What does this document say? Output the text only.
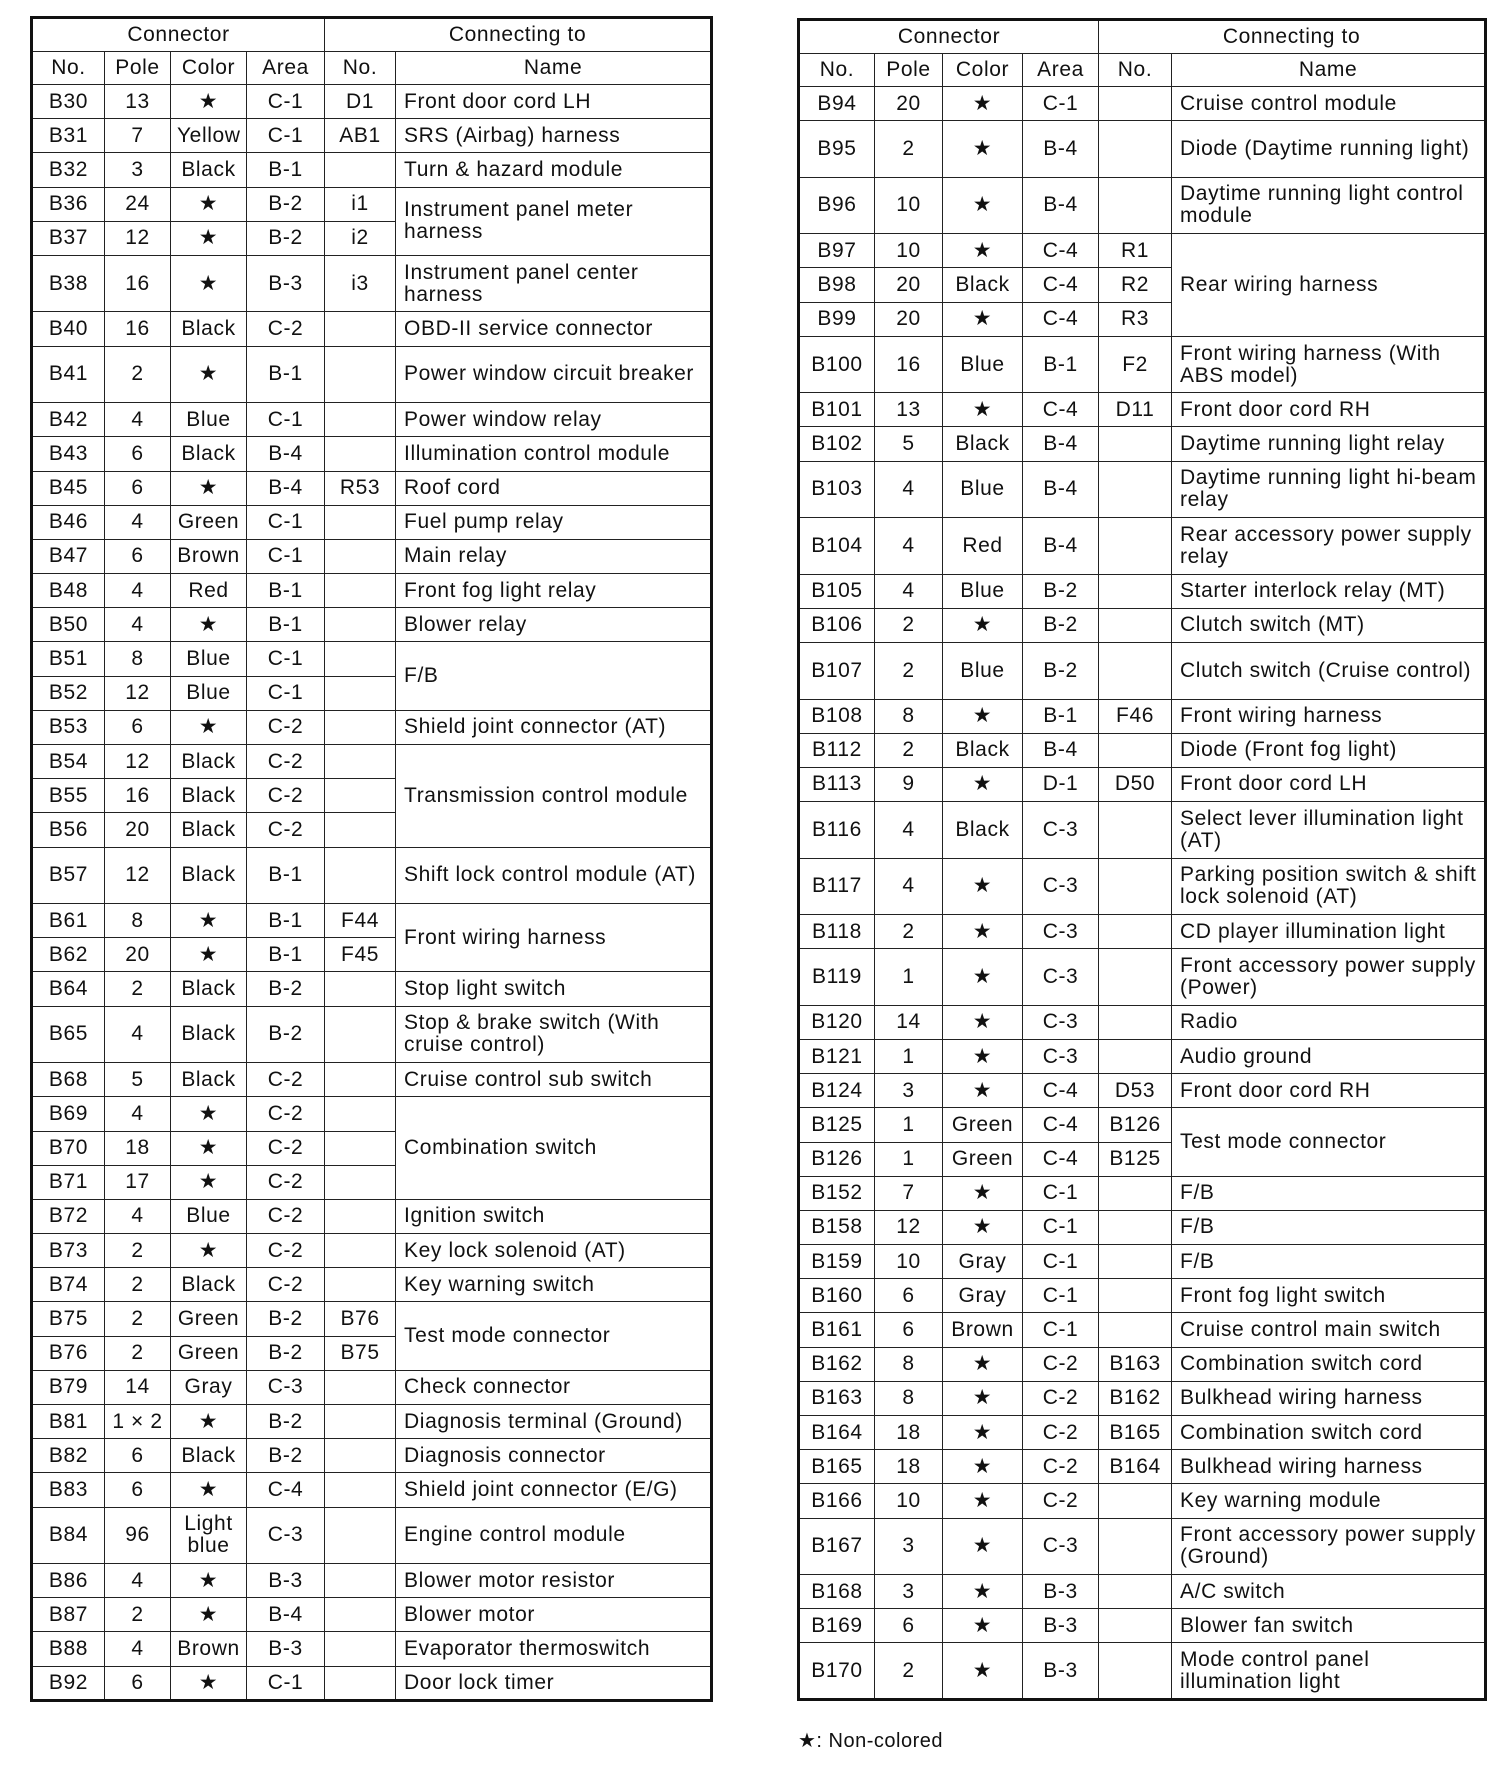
Connector				Connecting to	
No.	Pole	Color	Area	No.	Name
B30	13	★	C-1	D1	Front door cord LH
B31	7	Yellow	C-1	AB1	SRS (Airbag) harness
B32	3	Black	B-1		Turn & hazard module
B36	24	★	B-2	i1	Instrument panel meter harness
B37	12	★	B-2	i2	
B38	16	★	B-3	i3	Instrument panel center harness
B40	16	Black	C-2		OBD-II service connector
B41	2	★	B-1		Power window circuit breaker
B42	4	Blue	C-1		Power window relay
B43	6	Black	B-4		Illumination control module
B45	6	★	B-4	R53	Roof cord
B46	4	Green	C-1		Fuel pump relay
B47	6	Brown	C-1		Main relay
B48	4	Red	B-1		Front fog light relay
B50	4	★	B-1		Blower relay
B51	8	Blue	C-1		F/B
B52	12	Blue	C-1		
B53	6	★	C-2		Shield joint connector (AT)
B54	12	Black	C-2		Transmission control module
B55	16	Black	C-2		
B56	20	Black	C-2		
B57	12	Black	B-1		Shift lock control module (AT)
B61	8	★	B-1	F44	Front wiring harness
B62	20	★	B-1	F45	
B64	2	Black	B-2		Stop light switch
B65	4	Black	B-2		Stop & brake switch (With cruise control)
B68	5	Black	C-2		Cruise control sub switch
B69	4	★	C-2		Combination switch
B70	18	★	C-2		
B71	17	★	C-2		
B72	4	Blue	C-2		Ignition switch
B73	2	★	C-2		Key lock solenoid (AT)
B74	2	Black	C-2		Key warning switch
B75	2	Green	B-2	B76	Test mode connector
B76	2	Green	B-2	B75	
B79	14	Gray	C-3		Check connector
B81	1 × 2	★	B-2		Diagnosis terminal (Ground)
B82	6	Black	B-2		Diagnosis connector
B83	6	★	C-4		Shield joint connector (E/G)
B84	96	Light blue	C-3		Engine control module
B86	4	★	B-3		Blower motor resistor
B87	2	★	B-4		Blower motor
B88	4	Brown	B-3		Evaporator thermoswitch
B92	6	★	C-1		Door lock timer
Connector				Connecting to	
No.	Pole	Color	Area	No.	Name
B94	20	★	C-1		Cruise control module
B95	2	★	B-4		Diode (Daytime running light)
B96	10	★	B-4		Daytime running light control module
B97	10	★	C-4	R1	Rear wiring harness
B98	20	Black	C-4	R2	
B99	20	★	C-4	R3	
B100	16	Blue	B-1	F2	Front wiring harness (With ABS model)
B101	13	★	C-4	D11	Front door cord RH
B102	5	Black	B-4		Daytime running light relay
B103	4	Blue	B-4		Daytime running light hi-beam relay
B104	4	Red	B-4		Rear accessory power supply relay
B105	4	Blue	B-2		Starter interlock relay (MT)
B106	2	★	B-2		Clutch switch (MT)
B107	2	Blue	B-2		Clutch switch (Cruise control)
B108	8	★	B-1	F46	Front wiring harness
B112	2	Black	B-4		Diode (Front fog light)
B113	9	★	D-1	D50	Front door cord LH
B116	4	Black	C-3		Select lever illumination light (AT)
B117	4	★	C-3		Parking position switch & shift lock solenoid (AT)
B118	2	★	C-3		CD player illumination light
B119	1	★	C-3		Front accessory power supply (Power)
B120	14	★	C-3		Radio
B121	1	★	C-3		Audio ground
B124	3	★	C-4	D53	Front door cord RH
B125	1	Green	C-4	B126	Test mode connector
B126	1	Green	C-4	B125	
B152	7	★	C-1		F/B
B158	12	★	C-1		F/B
B159	10	Gray	C-1		F/B
B160	6	Gray	C-1		Front fog light switch
B161	6	Brown	C-1		Cruise control main switch
B162	8	★	C-2	B163	Combination switch cord
B163	8	★	C-2	B162	Bulkhead wiring harness
B164	18	★	C-2	B165	Combination switch cord
B165	18	★	C-2	B164	Bulkhead wiring harness
B166	10	★	C-2		Key warning module
B167	3	★	C-3		Front accessory power supply (Ground)
B168	3	★	B-3		A/C switch
B169	6	★	B-3		Blower fan switch
B170	2	★	B-3		Mode control panel illumination light
★: Non-colored
